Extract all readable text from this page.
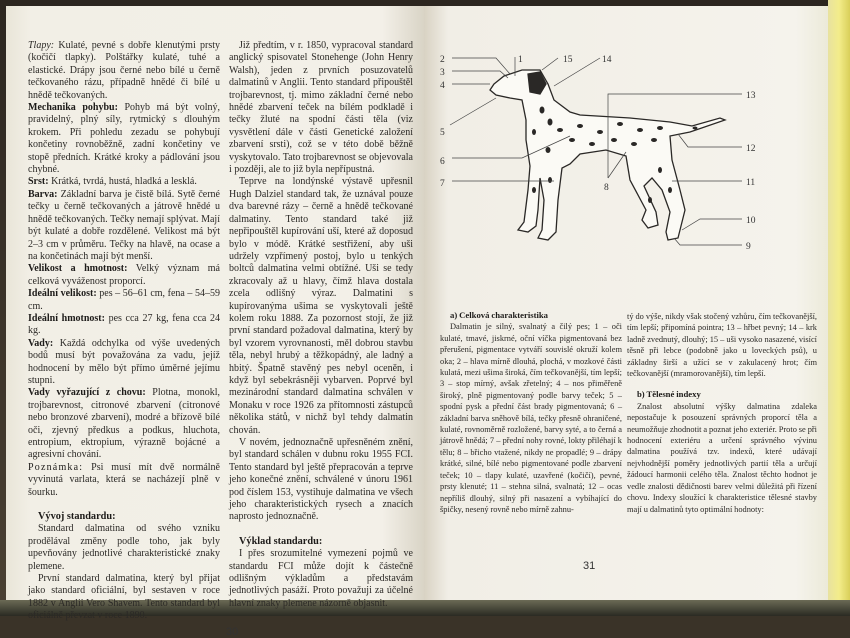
Tlapy: Kulaté, pevné s dobře klenutými prsty (kočičí tlapky). Polštářky kulaté, tuhé a elastické. Drápy jsou černé nebo bílé u černě tečkovaného rázu, případně hnědé či bílé u hnědě tečkovaných.

Mechanika pohybu: Pohyb má být volný, pravidelný, plný síly, rytmický s dlouhým krokem. Při pohledu zezadu se pohybují končetiny rovnoběžně, zadní končetiny ve stopě předních. Krátké kroky a pádlování jsou chybné.

Srst: Krátká, tvrdá, hustá, hladká a lesklá.

Barva: Základní barva je čistě bílá. Sytě černé tečky u černě tečkovaných a játrově hnědé u hnědě tečkovaných. Tečky nemají splývat. Mají být kulaté a dobře rozdělené. Velikost má být 2–3 cm v průměru. Tečky na hlavě, na ocase a na končetinách mají být menší.

Velikost a hmotnost: Velký význam má celková vyváženost proporcí.

Ideální velikost: pes – 56–61 cm, fena – 54–59 cm.

Ideální hmotnost: pes cca 27 kg, fena cca 24 kg.

Vady: Každá odchylka od výše uvedených bodů musí být považována za vadu, jejíž hodnocení by mělo být přímo úměrné jejímu stupni.

Vady vyřazující z chovu: Plotna, monokl, trojbarevnost, citronové zbarvení (citronové nebo bronzové zbarvení), modré a břízově bílé oči, zjevný předkus a podkus, hluchota, entropium, ektropium, výrazně bojácné a agresivní chování.

Poznámka: Psi musí mít dvě normálně vyvinutá varlata, která se nacházejí plně v šourku.

Vývoj standardu:

Standard dalmatina od svého vzniku prodělával změny podle toho, jak byly upevňovány jednotlivé charakteristické znaky plemene.

První standard dalmatina, který byl přijat jako standard oficiální, byl sestaven v roce 1882 v Anglii Vero Shavem. Tento standard byl oficiálně převzat v roce 1890.

Již předtím, v r. 1850, vypracoval standard anglický spisovatel Stonehenge (John Henry Walsh), jeden z prvních posuzovatelů dalmatinů v Anglii. Tento standard připouštěl trojbarevnost, tj. mimo základní černé nebo hnědé zbarvení teček na bílém podkladě i tečky žluté na spodní části těla (viz vysvětlení dále v části Genetické založení zbarvení srsti), což se v této době běžně vyskytovalo. Tato trojbarevnost se objevovala i později, ale to již byla nepřípustná.

Teprve na londýnské výstavě upřesnil Hugh Dalziel standard tak, že uznával pouze dva barevné rázy – černě a hnědě tečkované dalmatiny. Tento standard také již nepřipouštěl kupírování uší, které až doposud bylo v módě. Krátké sestřižení, aby uši udržely vzpřímený postoj, bylo u tenkých boltců dalmatina velmi obtížné. Uši se tedy zkracovaly až u hlavy, čímž hlava dostala zcela odlišný výraz. Dalmatini s kupírovanýma ušima se vyskytovali ještě kolem roku 1888. Za pozornost stojí, že již první standard požadoval dalmatina, který by byl vzorem vyrovnanosti, měl dobrou stavbu těla, nebyl hrubý a těžkopádný, ale ladný a hbitý. Špatně stavěný pes nebyl oceněn, i když byl sebekrásněji vybarven. Poprvé byl mezinárodní standard dalmatina schválen v Monaku v roce 1926 za přítomnosti zástupců několika států, v nichž byl tehdy dalmatin chován.

V novém, jednoznačně upřesněném znění, byl standard schálen v dubnu roku 1955 FCI. Tento standard byl ještě přepracován a teprve jeho konečné znění, schválené v únoru 1961 pod číslem 153, vystihuje dalmatina ve všech jeho charakteristických rysech a znacích naprosto jednoznačně.

Výklad standardu:

I přes srozumitelné vymezení pojmů ve standardu FCI může dojít k částečně odlišným výkladům a představám jednotlivých pasáží. Proto považuji za účelné hlavní znaky plemene názorně objasnit.

30
2
3
4
5
6
7
1	15	14
8
13
12
11
10
9
a) Celková charakteristika

Dalmatin je silný, svalnatý a čilý pes; 1 – oči kulaté, tmavé, jiskrné, oční víčka pigmentovaná bez přerušení, pigmentace vytváří souvislé okruží kolem oka; 2 – hlava mírně dlouhá, plochá, v mozkové části kulatá, mezi ušima široká, čím tečkovanější, tím lepší; 3 – stop mírný, avšak zřetelný; 4 – nos přiměřeně široký, plně pigmentovaný podle barvy teček; 5 – spodní pysk a přední část brady pigmentovaná; 6 – základní barva sněhově bílá, tečky přesně ohraničené, kulaté, rovnoměrně rozložené, barvy syté, a to černá a játrově hnědá; 7 – přední nohy rovné, lokty přiléhají k tělu; 8 – břicho vtažené, nikdy ne propadlé; 9 – drápy krátké, silné, bílé nebo pigmentované podle zbarvení teček; 10 – tlapy kulaté, uzavřené (kočičí), pevné, prsty klenuté; 11 – stehna silná, svalnatá; 12 – ocas nepříliš dlouhý, silný při nasazení a vybíhající do špičky, nesený rovně nebo mírně zahnu-

tý do výše, nikdy však stočený vzhůru, čím tečkovanější, tím lepší; připomíná pointra; 13 – hřbet pevný; 14 – krk ladně zvednutý, dlouhý; 15 – uši vysoko nasazené, visící těsně při lebce (podobně jako u loveckých psů), u základny širší a užící se v zakulacený hrot; čím tečkovanější (mramorovanější), tím lepší.

b) Tělesné indexy

Znalost absolutní výšky dalmatina zdaleka nepostačuje k posouzení správných proporcí těla a neumožňuje zhodnotit a poznat jeho exteriér. Proto se při hodnocení exteriéru a určení správného vývinu dalmatina používá tzv. indexů, které udávají nejvhodnější poměry jednotlivých partií těla a určují žádoucí harmonii celého těla. Znalost těchto hodnot je vedle znalosti dědičnosti barev velmi důležitá při řízení chovu. Indexy sloužící k charakteristice tělesné stavby mají u dalmatinů tyto optimální hodnoty:

31
